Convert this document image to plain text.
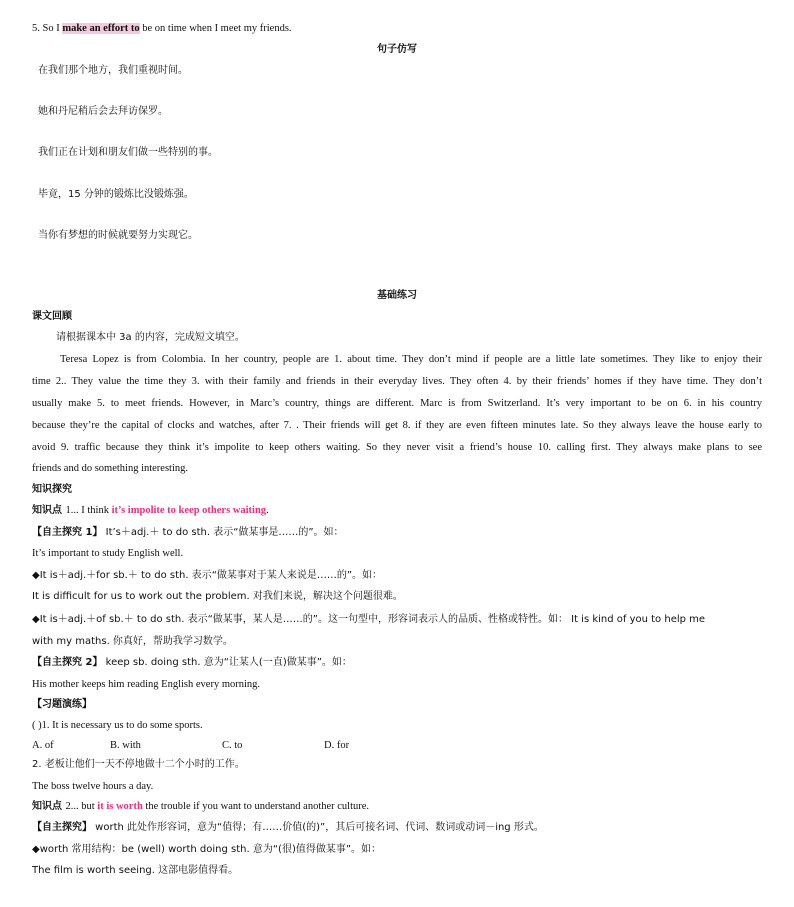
5. So I make an effort to be on time when I meet my friends.
句子仿写
在我们那个地方，我们重视时间。
她和丹尼稍后会去拜访保罗。
我们正在计划和朋友们做一些特别的事。
毕竟，15 分钟的锻炼比没锻炼强。
当你有梦想的时候就要努力实现它。
基础练习
课文回顾
请根据课本中 3a 的内容，完成短文填空。
Teresa Lopez is from Colombia. In her country, people are 1. about time. They don’t mind if people are a little late sometimes. They like to enjoy their
time 2.. They value the time they 3. with their family and friends in their everyday lives. They often 4. by their friends’ homes if they have time. They don’t
usually make 5. to meet friends. However, in Marc’s country, things are different. Marc is from Switzerland. It’s very important to be on 6. in his country
because they’re the capital of clocks and watches, after 7. . Their friends will get 8. if they are even fifteen minutes late. So they always leave the house early to
avoid 9. traffic because they think it’s impolite to keep others waiting. So they never visit a friend’s house 10. calling first. They always make plans to see
friends and do something interesting.
知识探究
知识点 1... I think it’s impolite to keep others waiting.
【自主探究 1】 It’s＋adj.＋ to do sth. 表示“做某事是……的”。如：
It’s important to study English well.
◆It is＋adj.＋for sb.＋ to do sth. 表示“做某事对于某人来说是……的”。如：
It is difficult for us to work out the problem. 对我们来说，解决这个问题很难。
◆It is＋adj.＋of sb.＋ to do sth. 表示“做某事，某人是……的”。这一句型中，形容词表示人的品质、性格或特性。如： It is kind of you to help me
with my maths. 你真好，帮助我学习数学。
【自主探究 2】 keep sb. doing sth. 意为“让某人(一直)做某事”。如：
His mother keeps him reading English every morning.
【习题演练】
( )1. It is necessary us to do some sports.
A. of	B. with	C. to	D. for
2. 老板让他们一天不停地做十二个小时的工作。
The boss twelve hours a day.
知识点 2... but it is worth the trouble if you want to understand another culture.
【自主探究】 worth 此处作形容词，意为“值得；有……价值(的)”，其后可接名词、代词、数词或动词－ing 形式。
◆worth 常用结构：be (well) worth doing sth. 意为“(很)值得做某事”。如：
The film is worth seeing. 这部电影值得看。
